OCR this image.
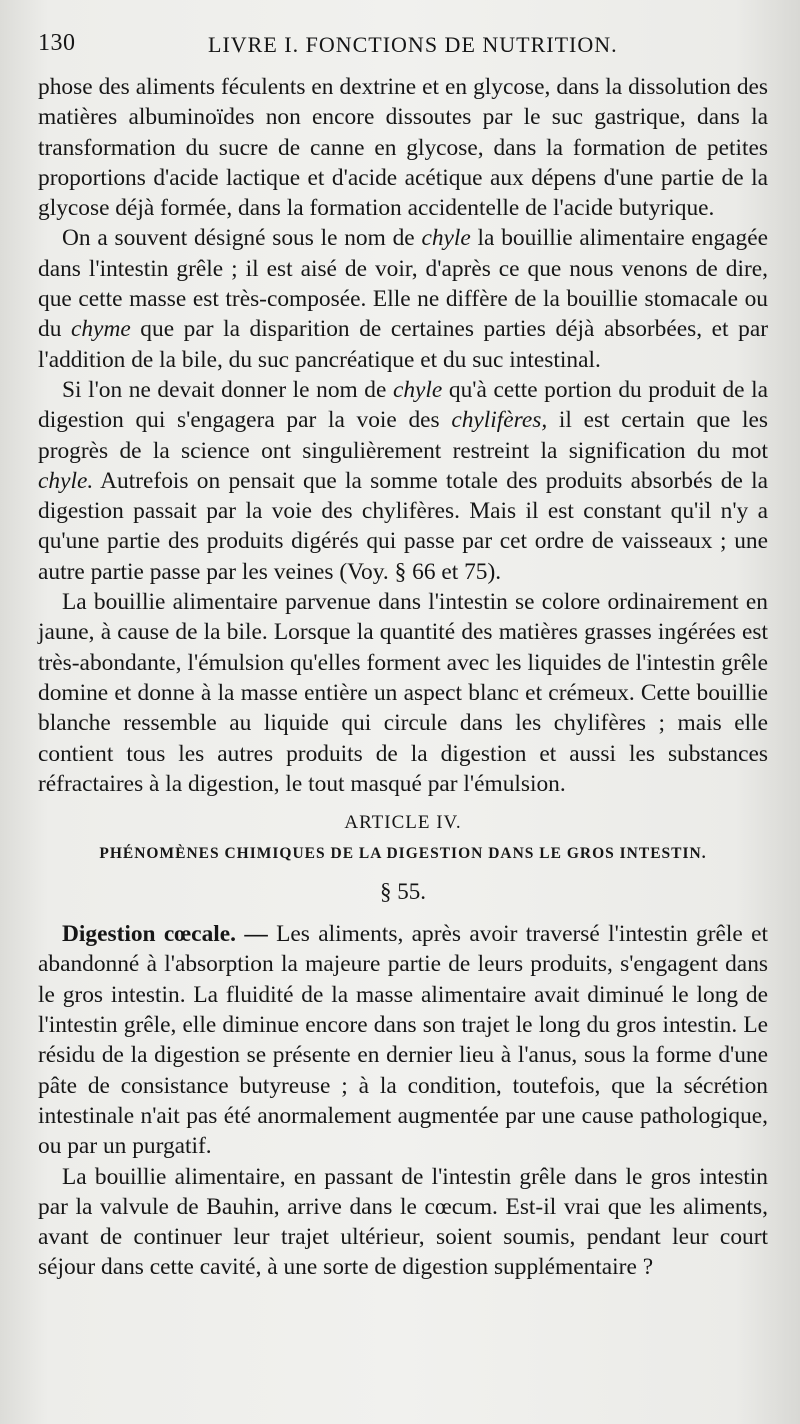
130	LIVRE I. FONCTIONS DE NUTRITION.

phose des aliments féculents en dextrine et en glycose, dans la dissolution des matières albuminoïdes non encore dissoutes par le suc gastrique, dans la transformation du sucre de canne en glycose, dans la formation de petites proportions d'acide lactique et d'acide acétique aux dépens d'une partie de la glycose déjà formée, dans la formation accidentelle de l'acide butyrique.

On a souvent désigné sous le nom de chyle la bouillie alimentaire engagée dans l'intestin grêle ; il est aisé de voir, d'après ce que nous venons de dire, que cette masse est très-composée. Elle ne diffère de la bouillie stomacale ou du chyme que par la disparition de certaines parties déjà absorbées, et par l'addition de la bile, du suc pancréatique et du suc intestinal.

Si l'on ne devait donner le nom de chyle qu'à cette portion du produit de la digestion qui s'engagera par la voie des chylifères, il est certain que les progrès de la science ont singulièrement restreint la signification du mot chyle. Autrefois on pensait que la somme totale des produits absorbés de la digestion passait par la voie des chylifères. Mais il est constant qu'il n'y a qu'une partie des produits digérés qui passe par cet ordre de vaisseaux ; une autre partie passe par les veines (Voy. § 66 et 75).

La bouillie alimentaire parvenue dans l'intestin se colore ordinairement en jaune, à cause de la bile. Lorsque la quantité des matières grasses ingérées est très-abondante, l'émulsion qu'elles forment avec les liquides de l'intestin grêle domine et donne à la masse entière un aspect blanc et crémeux. Cette bouillie blanche ressemble au liquide qui circule dans les chylifères ; mais elle contient tous les autres produits de la digestion et aussi les substances réfractaires à la digestion, le tout masqué par l'émulsion.

ARTICLE IV.
PHÉNOMÈNES CHIMIQUES DE LA DIGESTION DANS LE GROS INTESTIN.
§ 55.

Digestion cœcale. — Les aliments, après avoir traversé l'intestin grêle et abandonné à l'absorption la majeure partie de leurs produits, s'engagent dans le gros intestin. La fluidité de la masse alimentaire avait diminué le long de l'intestin grêle, elle diminue encore dans son trajet le long du gros intestin. Le résidu de la digestion se présente en dernier lieu à l'anus, sous la forme d'une pâte de consistance butyreuse ; à la condition, toutefois, que la sécrétion intestinale n'ait pas été anormalement augmentée par une cause pathologique, ou par un purgatif.

La bouillie alimentaire, en passant de l'intestin grêle dans le gros intestin par la valvule de Bauhin, arrive dans le cœcum. Est-il vrai que les aliments, avant de continuer leur trajet ultérieur, soient soumis, pendant leur court séjour dans cette cavité, à une sorte de digestion supplémentaire ?
